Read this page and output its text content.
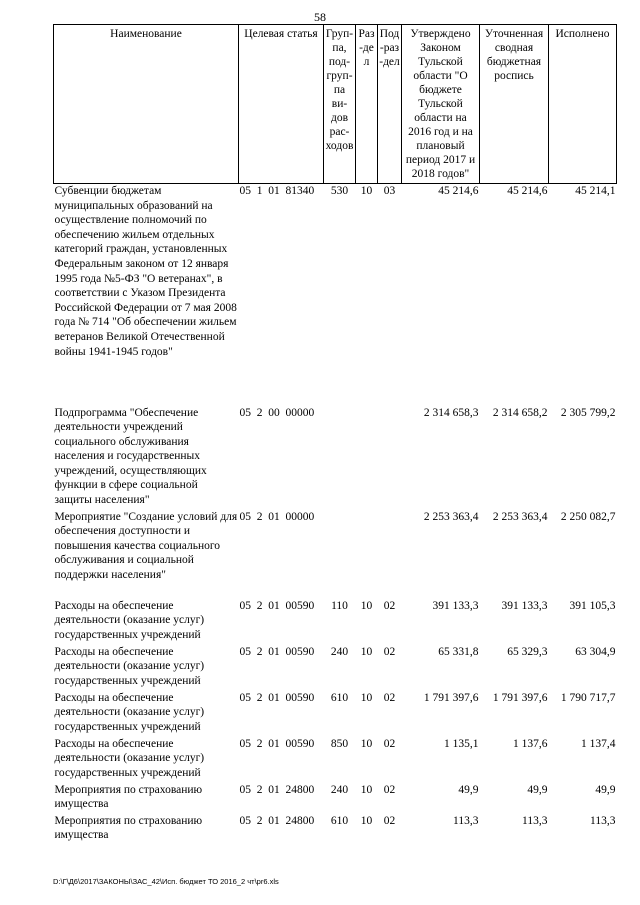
58
Наименование	Целевая статья	Груп-па, под-груп-па ви-дов рас-ходов	Раз-дел	Под-раз-дел	Утверждено Законом Тульской области "О бюджете Тульской области на 2016 год и на плановый период 2017 и 2018 годов"	Уточненная сводная бюджетная роспись	Исполнено
Субвенции бюджетам муниципальных образований на осуществление полномочий по обеспечению жильем отдельных категорий граждан, установленных Федеральным законом от 12 января 1995 года №5-ФЗ "О ветеранах", в соответствии с Указом Президента Российской Федерации от 7 мая 2008 года № 714 "Об обеспечении жильем ветеранов Великой Отечественной войны 1941-1945 годов"	05  1  01  81340	530	10	03	45 214,6	45 214,6	45 214,1
Подпрограмма "Обеспечение деятельности учреждений социального обслуживания населения и государственных учреждений, осуществляющих функции в сфере социальной защиты населения"	05  2  00  00000				2 314 658,3	2 314 658,2	2 305 799,2
Мероприятие "Создание условий для обеспечения доступности и повышения качества социального обслуживания и социальной поддержки населения"	05  2  01  00000				2 253 363,4	2 253 363,4	2 250 082,7
Расходы на обеспечение деятельности (оказание услуг) государственных учреждений	05  2  01  00590	110	10	02	391 133,3	391 133,3	391 105,3
Расходы на обеспечение деятельности (оказание услуг) государственных учреждений	05  2  01  00590	240	10	02	65 331,8	65 329,3	63 304,9
Расходы на обеспечение деятельности (оказание услуг) государственных учреждений	05  2  01  00590	610	10	02	1 791 397,6	1 791 397,6	1 790 717,7
Расходы на обеспечение деятельности (оказание услуг) государственных учреждений	05  2  01  00590	850	10	02	1 135,1	1 137,6	1 137,4
Мероприятия по страхованию имущества	05  2  01  24800	240	10	02	49,9	49,9	49,9
Мероприятия по страхованию имущества	05  2  01  24800	610	10	02	113,3	113,3	113,3
D:\Г\Д6\2017\ЗАКОНЫ\ЗАС_42\Исп. бюджет ТО 2016_2 чт\pr6.xls
